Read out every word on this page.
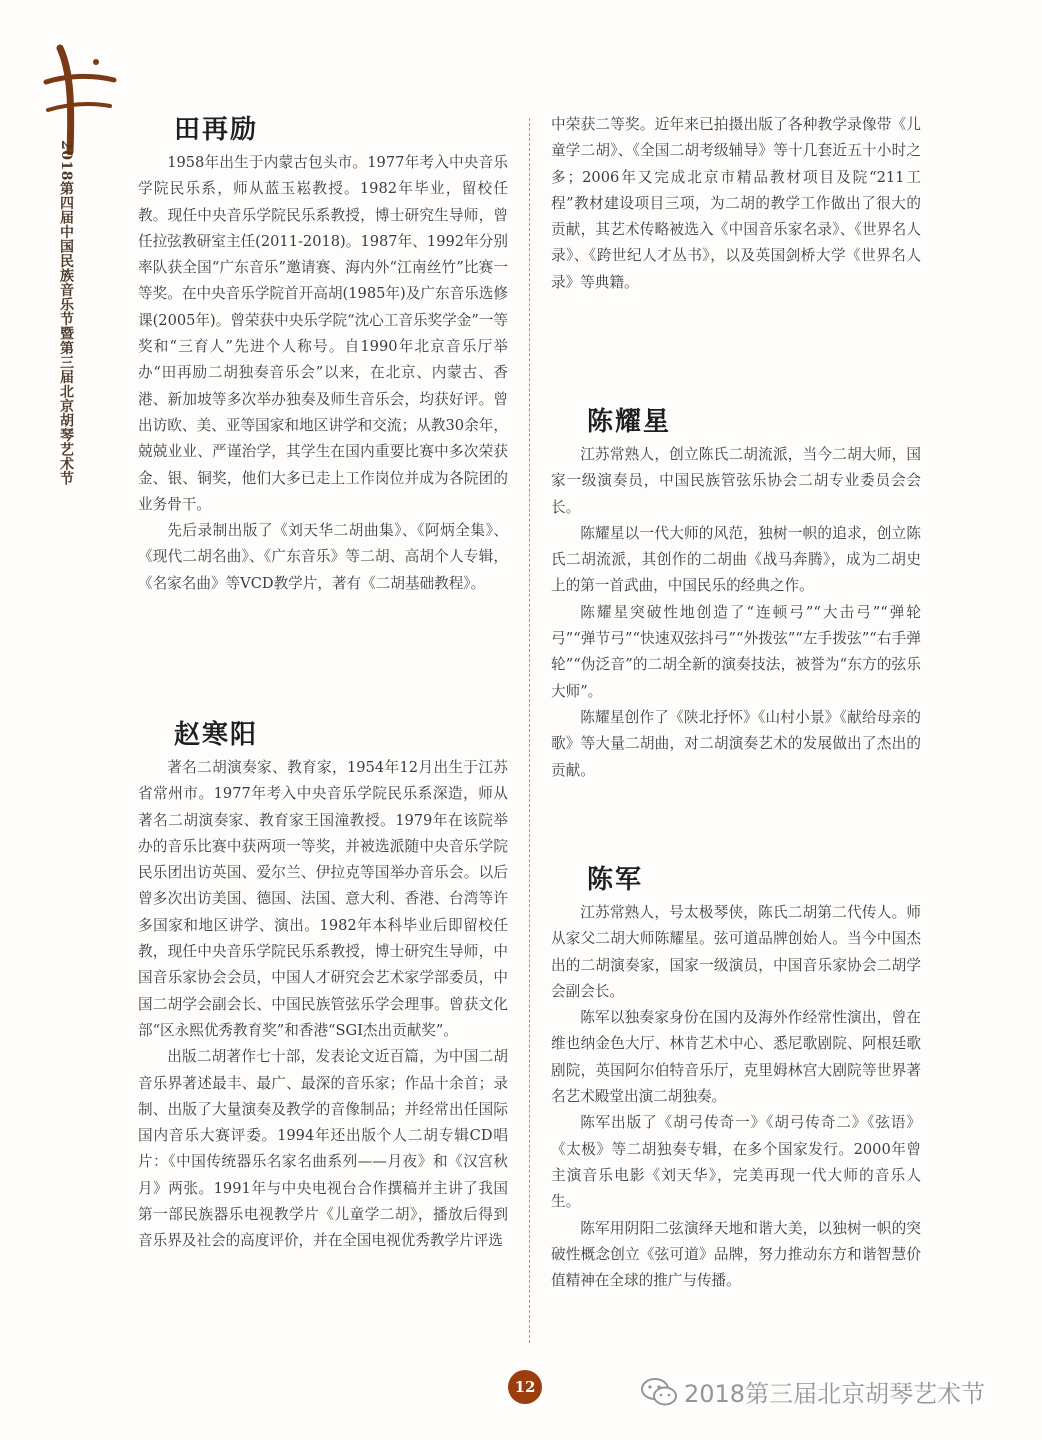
2018第四届中国民族音乐节暨第三届北京胡琴艺术节
田再励

1958年出生于内蒙古包头市。1977年考入中央音乐学院民乐系，师从蓝玉崧教授。1982年毕业，留校任教。现任中央音乐学院民乐系教授，博士研究生导师，曾任拉弦教研室主任(2011-2018)。1987年、1992年分别率队获全国“广东音乐”邀请赛、海内外“江南丝竹”比赛一等奖。在中央音乐学院首开高胡(1985年)及广东音乐选修课(2005年)。曾荣获中央乐学院“沈心工音乐奖学金”一等奖和“三育人”先进个人称号。自1990年北京音乐厅举办“田再励二胡独奏音乐会”以来，在北京、内蒙古、香港、新加坡等多次举办独奏及师生音乐会，均获好评。曾出访欧、美、亚等国家和地区讲学和交流；从教30余年，兢兢业业、严谨治学，其学生在国内重要比赛中多次荣获金、银、铜奖，他们大多已走上工作岗位并成为各院团的业务骨干。

先后录制出版了《刘天华二胡曲集》、《阿炳全集》、《现代二胡名曲》、《广东音乐》等二胡、高胡个人专辑，《名家名曲》等VCD教学片，著有《二胡基础教程》。

赵寒阳

著名二胡演奏家、教育家，1954年12月出生于江苏省常州市。1977年考入中央音乐学院民乐系深造，师从著名二胡演奏家、教育家王国潼教授。1979年在该院举办的音乐比赛中获两项一等奖，并被选派随中央音乐学院民乐团出访英国、爱尔兰、伊拉克等国举办音乐会。以后曾多次出访美国、德国、法国、意大利、香港、台湾等许多国家和地区讲学、演出。1982年本科毕业后即留校任教，现任中央音乐学院民乐系教授，博士研究生导师，中国音乐家协会会员，中国人才研究会艺术家学部委员，中国二胡学会副会长、中国民族管弦乐学会理事。曾获文化部“区永熙优秀教育奖”和香港“SGI杰出贡献奖”。

出版二胡著作七十部，发表论文近百篇，为中国二胡音乐界著述最丰、最广、最深的音乐家；作品十余首；录制、出版了大量演奏及教学的音像制品；并经常出任国际国内音乐大赛评委。1994年还出版个人二胡专辑CD唱片：《中国传统器乐名家名曲系列——月夜》和《汉宫秋月》两张。1991年与中央电视台合作撰稿并主讲了我国第一部民族器乐电视教学片《儿童学二胡》，播放后得到音乐界及社会的高度评价，并在全国电视优秀教学片评选

中荣获二等奖。近年来已拍摄出版了各种教学录像带《儿童学二胡》、《全国二胡考级辅导》等十几套近五十小时之多；2006年又完成北京市精品教材项目及院“211工程”教材建设项目三项，为二胡的教学工作做出了很大的贡献，其艺术传略被选入《中国音乐家名录》、《世界名人录》、《跨世纪人才丛书》，以及英国剑桥大学《世界名人录》等典籍。

陈耀星

江苏常熟人，创立陈氏二胡流派，当今二胡大师，国家一级演奏员，中国民族管弦乐协会二胡专业委员会会长。

陈耀星以一代大师的风范，独树一帜的追求，创立陈氏二胡流派，其创作的二胡曲《战马奔腾》，成为二胡史上的第一首武曲，中国民乐的经典之作。

陈耀星突破性地创造了“连顿弓”“大击弓”“弹轮弓”“弹节弓”“快速双弦抖弓”“外拨弦”“左手拨弦”“右手弹轮”“伪泛音”的二胡全新的演奏技法，被誉为“东方的弦乐大师”。

陈耀星创作了《陕北抒怀》《山村小景》《献给母亲的歌》等大量二胡曲，对二胡演奏艺术的发展做出了杰出的贡献。

陈军

江苏常熟人，号太极琴侠，陈氏二胡第二代传人。师从家父二胡大师陈耀星。弦可道品牌创始人。当今中国杰出的二胡演奏家，国家一级演员，中国音乐家协会二胡学会副会长。

陈军以独奏家身份在国内及海外作经常性演出，曾在维也纳金色大厅、林肯艺术中心、悉尼歌剧院、阿根廷歌剧院，英国阿尔伯特音乐厅，克里姆林宫大剧院等世界著名艺术殿堂出演二胡独奏。

陈军出版了《胡弓传奇一》《胡弓传奇二》《弦语》《太极》等二胡独奏专辑，在多个国家发行。2000年曾主演音乐电影《刘天华》，完美再现一代大师的音乐人生。

陈军用阴阳二弦演绎天地和谐大美，以独树一帜的突破性概念创立《弦可道》品牌，努力推动东方和谐智慧价值精神在全球的推广与传播。

12	2018第三届北京胡琴艺术节
